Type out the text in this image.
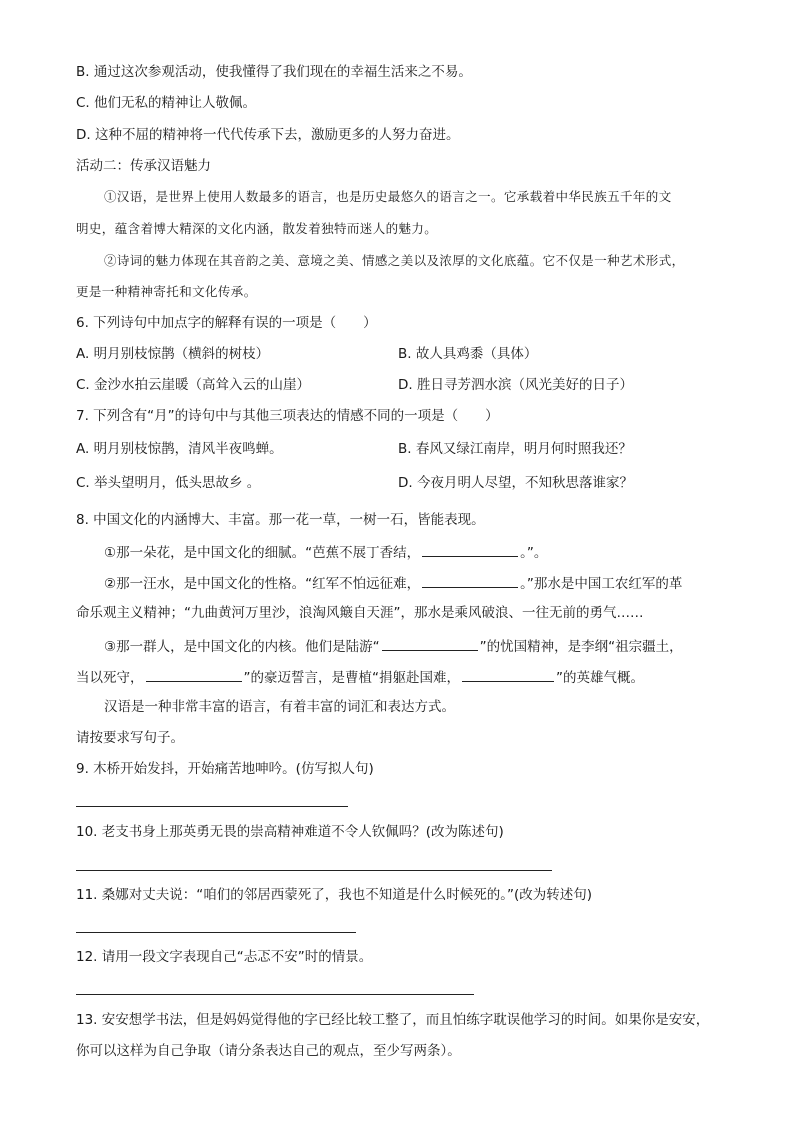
B. 通过这次参观活动，使我懂得了我们现在的幸福生活来之不易。
C. 他们无私的精神让人敬佩。
D. 这种不屈的精神将一代代传承下去，激励更多的人努力奋进。
活动二：传承汉语魅力
①汉语，是世界上使用人数最多的语言，也是历史最悠久的语言之一。它承载着中华民族五千年的文
明史，蕴含着博大精深的文化内涵，散发着独特而迷人的魅力。
②诗词的魅力体现在其音韵之美、意境之美、情感之美以及浓厚的文化底蕴。它不仅是一种艺术形式，
更是一种精神寄托和文化传承。
6. 下列诗句中加点字的解释有误的一项是（　　）
A. 明月别枝惊鹊（横斜的树枝）	B. 故人具鸡黍（具体）
C. 金沙水拍云崖暖（高耸入云的山崖）	D. 胜日寻芳泗水滨（风光美好的日子）
7. 下列含有“月”的诗句中与其他三项表达的情感不同的一项是（　　）
A. 明月别枝惊鹊，清风半夜鸣蝉。	B. 春风又绿江南岸，明月何时照我还？
C. 举头望明月，低头思故乡 。	D. 今夜月明人尽望，不知秋思落谁家？
8. 中国文化的内涵博大、丰富。那一花一草，一树一石，皆能表现。
①那一朵花，是中国文化的细腻。“芭蕉不展丁香结，	。”。
②那一汪水，是中国文化的性格。“红军不怕远征难，	。”那水是中国工农红军的革
命乐观主义精神；“九曲黄河万里沙，浪淘风簸自天涯”，那水是乘风破浪、一往无前的勇气……
③那一群人，是中国文化的内核。他们是陆游“	”的忧国精神，是李纲“祖宗疆土，
当以死守，	”的豪迈誓言，是曹植“捐躯赴国难，	”的英雄气概。
汉语是一种非常丰富的语言，有着丰富的词汇和表达方式。
请按要求写句子。
9. 木桥开始发抖，开始痛苦地呻吟。(仿写拟人句)
10. 老支书身上那英勇无畏的崇高精神难道不令人钦佩吗？(改为陈述句)
11. 桑娜对丈夫说：“咱们的邻居西蒙死了，我也不知道是什么时候死的。”(改为转述句)
12. 请用一段文字表现自己“忐忑不安”时的情景。
13. 安安想学书法，但是妈妈觉得他的字已经比较工整了，而且怕练字耽误他学习的时间。如果你是安安，
你可以这样为自己争取（请分条表达自己的观点，至少写两条）。
